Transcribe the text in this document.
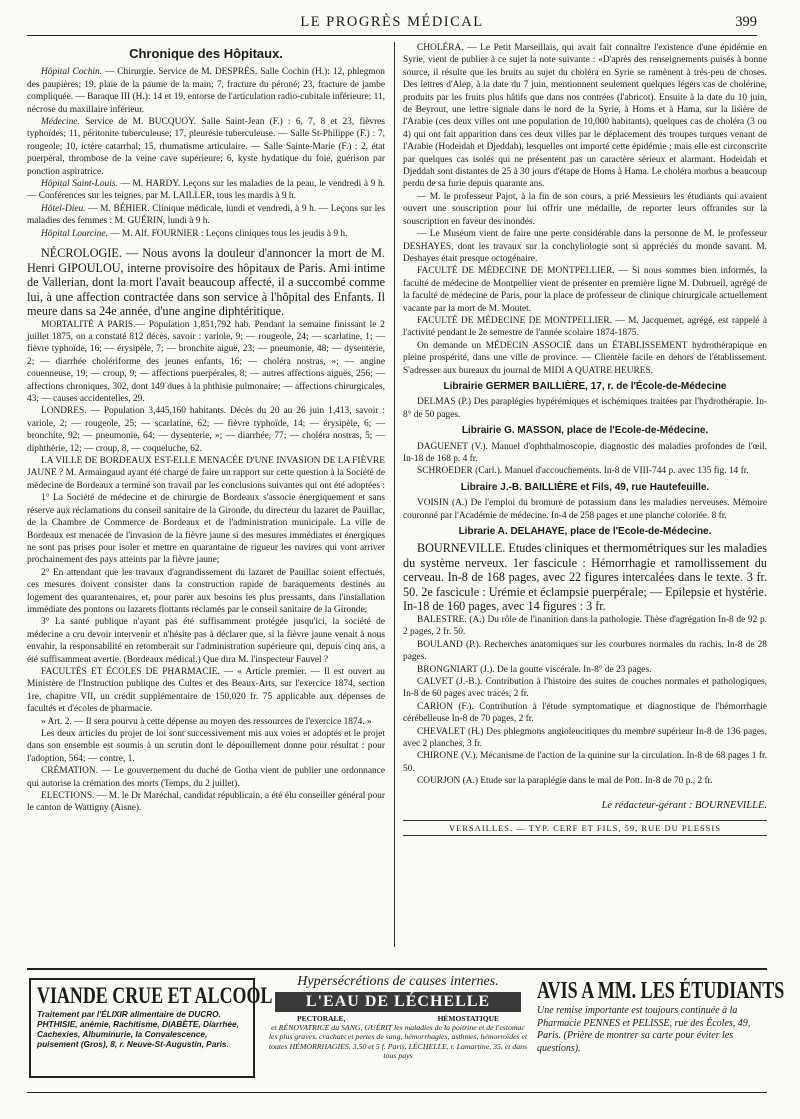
LE PROGRÈS MÉDICAL	399

Chronique des Hôpitaux.

Hôpital Cochin. — Chirurgie. Service de M. DESPRÉS. Salle Cochin (H.): 12, phlegmon des paupières; 19, plaie de la paume de la main; 7, fracture du péroné; 23, fracture de jambe compliquée. — Baraque III (H.): 14 et 19, entorse de l'articulation radio-cubitale inférieure; 11, nécrose du maxillaire inférieur.

Médecine. Service de M. BUCQUOY. Salle Saint-Jean (F.) : 6, 7, 8 et 23, fièvres typhoïdes; 11, péritonite tuberculeuse; 17, pleurésie tuberculeuse. — Salle St-Philippe (F.) : 7, rougeole; 10, ictère catarrhal; 15, rhumatisme articulaire. — Salle Sainte-Marie (F.) : 2, état puerpéral, thrombose de la veine cave supérieure; 6, kyste hydatique du foie, guérison par ponction aspiratrice.

Hôpital Saint-Louis. — M. HARDY. Leçons sur les maladies de la peau, le vendredi à 9 h. — Conférences sur les teignes, par M. LAILLER, tous les mardis à 9 h.

Hôtel-Dieu. — M. BÉHIER. Clinique médicale, lundi et vendredi, à 9 h. — Leçons sur les maladies des femmes : M. GUÉRIN, lundi à 9 h.

Hôpital Lourcine. — M. Alf. FOURNIER : Leçons cliniques tous les jeudis à 9 h.

NÉCROLOGIE. — Nous avons la douleur d'annoncer la mort de M. Henri GIPOULOU, interne provisoire des hôpitaux de Paris. Ami intime de Vallerian, dont la mort l'avait beaucoup affecté, il a succombé comme lui, à une affection contractée dans son service à l'hôpital des Enfants. Il meure dans sa 24e année, d'une angine diphtéritique.

MORTALITÉ A PARIS.— Population 1,851,792 hab. Pendant la semaine finissant le 2 juillet 1875, on a constaté 812 décès, savoir : variole, 9; — rougeole, 24; — scarlatine, 1; — fièvre typhoïde, 16; — érysipèle, 7; — bronchite aiguë, 23; — pneumonie, 48; — dysenterie, 2; — diarrhée cholériforme des jeunes enfants, 16; — choléra nostras, »; — angine couenneuse, 19; — croup, 9; — affections puerpérales, 8; — autres affections aiguës, 256; — affections chroniques, 302, dont 149 dues à la phthisie pulmonaire; — affections chirurgicales, 43; — causes accidentelles, 29.

LONDRES. — Population 3,445,160 habitants. Décès du 20 au 26 juin 1,413, savoir : variole, 2; — rougeole, 25; — scarlatine, 62; — fièvre typhoïde, 14; — érysipèle, 6; — bronchite, 92; — pneumonie, 64; — dysenterie, »; — diarrhée, 77; — choléra nostras, 5; — diphthérie, 12; — croup, 8, — coqueluche, 62.

LA VILLE DE BORDEAUX EST-ELLE MENACÉE D'UNE INVASION DE LA FIÈVRE JAUNE ? M. Armaingaud ayant été chargé de faire un rapport sur cette question à la Société de médecine de Bordeaux a terminé son travail par les conclusions suivantes qui ont été adoptées :

1° La Société de médecine et de chirurgie de Bordeaux s'associe énergiquement et sans réserve aux réclamations du conseil sanitaire de la Gironde, du directeur du lazaret de Pauillac, de la Chambre de Commerce de Bordeaux et de l'administration municipale. La ville de Bordeaux est menacée de l'invasion de la fièvre jaune si des mesures immédiates et énergiques ne sont pas prises pour isoler et mettre en quarantaine de rigueur les navires qui vont arriver prochainement des pays atteints par la fièvre jaune;

2° En attendant que les travaux d'agrandissement du lazaret de Pauillac soient effectués, ces mesures doivent consister dans la construction rapide de baraquements destinés au logement des quarantenaires, et, pour parer aux besoins les plus pressants, dans l'installation immédiate des pontons ou lazarets flottants réclamés par le conseil sanitaire de la Gironde;

3° La santé publique n'ayant pas été suffisamment protégée jusqu'ici, la société de médecine a cru devoir intervenir et n'hésite pas à déclarer que, si la fièvre jaune venait à nous envahir, la responsabilité en retomberait sur l'administration supérieure qui, depuis cinq ans, a été suffisamment avertie. (Bordeaux médical.) Que dira M. l'inspecteur Fauvel ?

FACULTÉS ET ÉCOLES DE PHARMACIE. — « Article premier. — Il est ouvert au Ministère de l'Instruction publique des Cultes et des Beaux-Arts, sur l'exercice 1874, section 1re, chapitre VII, un crédit supplémentaire de 150,020 fr. 75 applicable aux dépenses de facultés et d'écoles de pharmacie.

» Art. 2. — Il sera pourvu à cette dépense au moyen des ressources de l'exercice 1874. »

Les deux articles du projet de loi sont successivement mis aux voies et adoptés et le projet dans son ensemble est soumis à un scrutin dont le dépouillement donne pour résultat : pour l'adoption, 564; — contre, 1.

CRÉMATION. — Le gouvernement du duché de Gotha vient de publier une ordonnance qui autorise la crémation des morts (Temps, du 2 juillet).

ELECTIONS. — M. le Dr Maréchal, candidat républicain, a été élu conseiller général pour le canton de Wattigny (Aisne).

CHOLÉRA. — Le Petit Marseillais, qui avait fait connaître l'existence d'une épidémie en Syrie, vient de publier à ce sujet la note suivante : «D'après des renseignements puisés à bonne source, il résulte que les bruits au sujet du choléra en Syrie se ramènent à très-peu de choses. Des lettres d'Alep, à la date du 7 juin, mentionnent seulement quelques légers cas de cholérine, produits par les fruits plus hâtifs que dans nos contrées (l'abricot). Ensuite à la date du 10 juin, de Beyrout, une lettre signale dans le nord de la Syrie, à Homs et à Hama, sur la lisière de l'Arabie (ces deux villes ont une population de 10,000 habitants), quelques cas de choléra (3 ou 4) qui ont fait apparition dans ces deux villes par le déplacement des troupes turques venant de l'Arabie (Hodeidah et Djeddah), lesquelles ont importé cette épidémie ; mais elle est circonscrite par quelques cas isolés qui ne présentent pas un caractère sérieux et alarmant. Hodeidah et Djeddah sont distantes de 25 à 30 jours d'étape de Homs à Hama. Le choléra morbus a beaucoup perdu de sa furie depuis quarante ans.

— M. le professeur Pajot, à la fin de son cours, a prié Messieurs les étudiants qui avaient ouvert une souscription pour lui offrir une médaille, de reporter leurs offrandes sur la souscription en faveur des inondés.

— Le Muséum vient de faire une perte considérable dans la personne de M. le professeur DESHAYES, dont les travaux sur la conchyliologie sont si appréciés du monde savant. M. Deshayes était presque octogénaire.

FACULTÉ DE MÉDECINE DE MONTPELLIER. — Si nous sommes bien informés, la faculté de médecine de Montpellier vient de présenter en première ligne M. Dubrueil, agrégé de la faculté de médecine de Paris, pour la place de professeur de clinique chirurgicale actuellement vacante par la mort de M. Moutet.

FACULTÉ DE MÉDECINE DE MONTPELLIER. — M. Jacquemet, agrégé, est rappelé à l'activité pendant le 2e semestre de l'année scolaire 1874-1875.

On demande un MÉDECIN ASSOCIÉ dans un ÉTABLISSEMENT hydrothérapique en pleine prospérité, dans une ville de province. — Clientèle facile en dehors de l'établissement. S'adresser aux bureaux du journal de MIDI A QUATRE HEURES.

Librairie GERMER BAILLIÈRE, 17, r. de l'École-de-Médecine

DELMAS (P.) Des paraplégies hypérémiques et ischémiques traitées par l'hydrothérapie. In-8° de 50 pages.

Librairie G. MASSON, place de l'Ecole-de-Médecine.

DAGUENET (V.). Manuel d'ophthalmoscopie, diagnostic des maladies profondes de l'œil. In-18 de 168 p. 4 fr.

SCHROEDER (Carl.). Manuel d'accouchements. In-8 de VIII-744 p. avec 135 fig. 14 fr.

Libraire J.-B. BAILLIÈRE et Fils, 49, rue Hautefeuille.

VOISIN (A.) De l'emploi du bromure de potassium dans les maladies nerveuses. Mémoire couronné par l'Académie de médecine. In-4 de 258 pages et une planche coloriée. 8 fr.

Librarie A. DELAHAYE, place de l'Ecole-de-Médecine.

BOURNEVILLE. Etudes cliniques et thermométriques sur les maladies du système nerveux. 1er fascicule : Hémorrhagie et ramollissement du cerveau. In-8 de 168 pages, avec 22 figures intercalées dans le texte. 3 fr. 50. 2e fascicule : Urémie et éclampsie puerpérale; — Epilepsie et hystérie. In-18 de 160 pages, avec 14 figures : 3 fr.

BALESTRE. (A.) Du rôle de l'inanition dans la pathologie. Thèse d'agrégation In-8 de 92 p. 2 pages, 2 fr. 50.

BOULAND (P.). Recherches anatomiques sur les courbures normales du rachis. In-8 de 28 pages.

BRONGNIART (J.). De la goutte viscérale. In-8° de 23 pages.

CALVET (J.-B.). Contribution à l'histoire des suites de couches normales et pathologiques, In-8 de 60 pages avec tracés, 2 fr.

CARION (F.). Contribution à l'étude symptomatique et diagnostique de l'hémorrhagie cérébelleuse In-8 de 70 pages, 2 fr.

CHEVALET (H.) Des phlegmons angioleucitiques du membre supérieur In-8 de 136 pages, avec 2 planches, 3 fr.

CHIRONE (V.). Mécanisme de l'action de la quinine sur la circulation. In-8 de 68 pages 1 fr. 50.

COURJON (A.) Etude sur la paraplégie dans le mal de Pott. In-8 de 70 p., 2 fr.

Le rédacteur-gérant : BOURNEVILLE.

VERSAILLES. — TYP. CERF ET FILS, 59, RUE DU PLESSIS

VIANDE CRUE ET ALCOOL
Traitement par l'ÉLIXIR alimentaire de DUCRO. PHTHISIE, anémie, Rachitisme, DIABÈTE, Diarrhée, Cachexies, Albuminurie, la Convalescence, puisement (Gros), 8, r. Neuve-St-Augustin, Paris.
Hypersécrétions de causes internes.
L'EAU DE LÉCHELLE
PECTORALE,	HÉMOSTATIQUE
et RÉNOVATRICE du SANG, GUÉRIT les maladies de la poitrine et de l'estomac les plus graves, crachats et pertes de sang, hémorrhagies, asthmes, hémorroïdes et toutes HÉMORRHAGIES. 3.50 et 5 f. Paris, LÉCHELLE, r. Lamartine, 35, et dans tous pays
AVIS A MM. LES ÉTUDIANTS
Une remise importante est toujours continuée à la Pharmacie PENNES et PELISSE, rue des Écoles, 49, Paris. (Prière de montrer sa carte pour éviter les questions).
